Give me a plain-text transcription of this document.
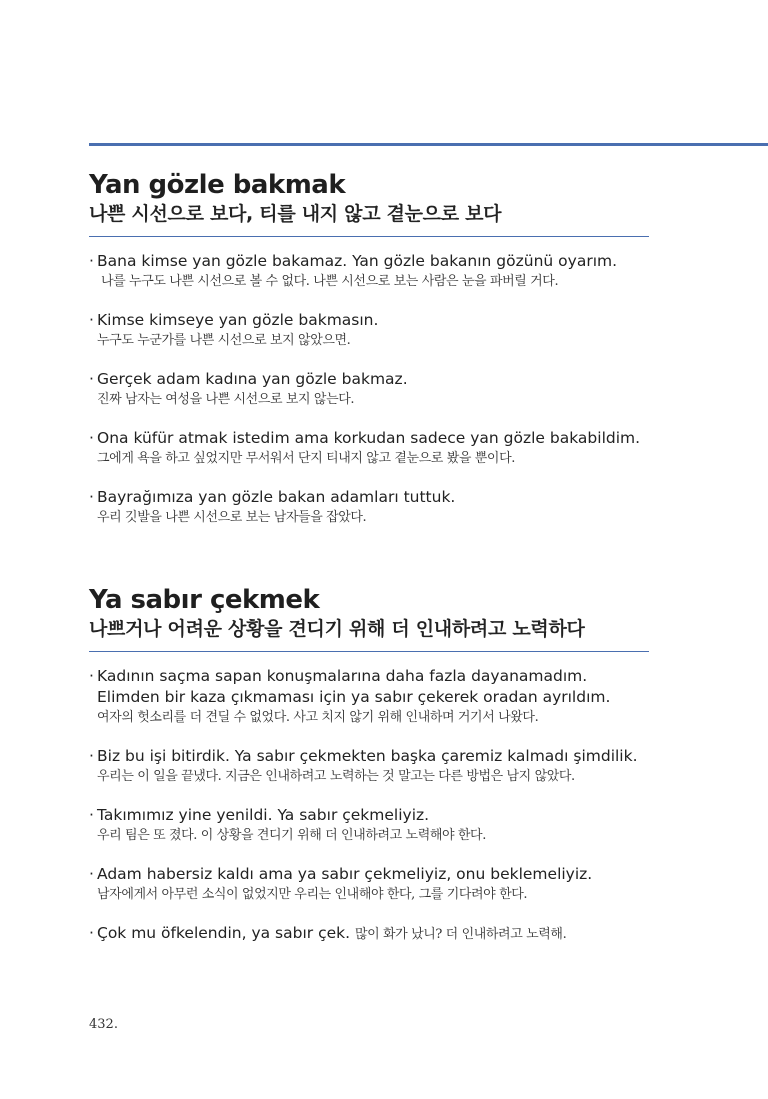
Yan gözle bakmak
나쁜 시선으로 보다, 티를 내지 않고 곁눈으로 보다
· Bana kimse yan gözle bakamaz. Yan gözle bakanın gözünü oyarım.
나를 누구도 나쁜 시선으로 볼 수 없다. 나쁜 시선으로 보는 사람은 눈을 파버릴 거다.
· Kimse kimseye yan gözle bakmasın.
누구도 누군가를 나쁜 시선으로 보지 않았으면.
· Gerçek adam kadına yan gözle bakmaz.
진짜 남자는 여성을 나쁜 시선으로 보지 않는다.
· Ona küfür atmak istedim ama korkudan sadece yan gözle bakabildim.
그에게 욕을 하고 싶었지만 무서워서 단지 티내지 않고 곁눈으로 봤을 뿐이다.
· Bayrağımıza yan gözle bakan adamları tuttuk.
우리 깃발을 나쁜 시선으로 보는 남자들을 잡았다.
Ya sabır çekmek
나쁘거나 어려운 상황을 견디기 위해 더 인내하려고 노력하다
· Kadının saçma sapan konuşmalarına daha fazla dayanamadım.
Elimden bir kaza çıkmaması için ya sabır çekerek oradan ayrıldım.
여자의 헛소리를 더 견딜 수 없었다. 사고 치지 않기 위해 인내하며 거기서 나왔다.
· Biz bu işi bitirdik. Ya sabır çekmekten başka çaremiz kalmadı şimdilik.
우리는 이 일을 끝냈다. 지금은 인내하려고 노력하는 것 말고는 다른 방법은 남지 않았다.
· Takımımız yine yenildi. Ya sabır çekmeliyiz.
우리 팀은 또 졌다. 이 상황을 견디기 위해 더 인내하려고 노력해야 한다.
· Adam habersiz kaldı ama ya sabır çekmeliyiz, onu beklemeliyiz.
남자에게서 아무런 소식이 없었지만 우리는 인내해야 한다, 그를 기다려야 한다.
· Çok mu öfkelendin, ya sabır çek. 많이 화가 났니? 더 인내하려고 노력해.
432.
